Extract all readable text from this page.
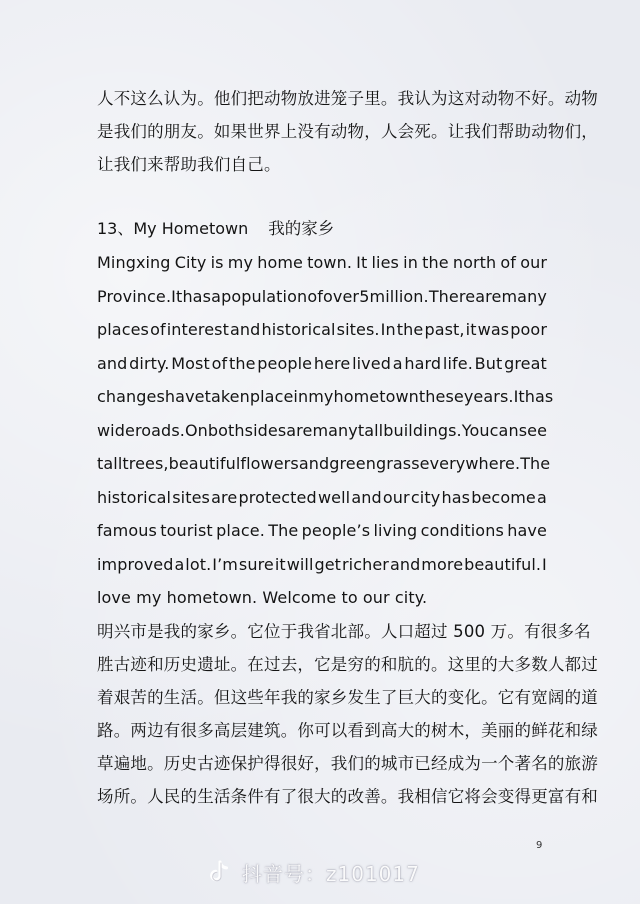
人不这么认为。他们把动物放进笼子里。我认为这对动物不好。动物
是我们的朋友。如果世界上没有动物，人会死。让我们帮助动物们，
让我们来帮助我们自己。
13、My Hometown 我的家乡
Mingxing City is my home town. It lies in the north of our
Province .It has a population of over 5 million. There are many
places of interest and historical sites. In the past, it was poor
and dirty. Most of the people here lived a hard life. But great
changes have taken place in my hometown these years. It has
wide roads. On both sides are many tall buildings. You can see
tall trees, beautiful flowers and green grass everywhere. The
historical sites are protected well and our city has become a
famous tourist place. The people’s living conditions have
improved a lot. I’m sure it will get richer and more beautiful. I
love my hometown. Welcome to our city.
明兴市是我的家乡。它位于我省北部。人口超过 500 万。有很多名
胜古迹和历史遗址。在过去，它是穷的和肮的。这里的大多数人都过
着艰苦的生活。但这些年我的家乡发生了巨大的变化。它有宽阔的道
路。两边有很多高层建筑。你可以看到高大的树木，美丽的鲜花和绿
草遍地。历史古迹保护得很好，我们的城市已经成为一个著名的旅游
场所。人民的生活条件有了很大的改善。我相信它将会变得更富有和
9
抖音号：z101017
